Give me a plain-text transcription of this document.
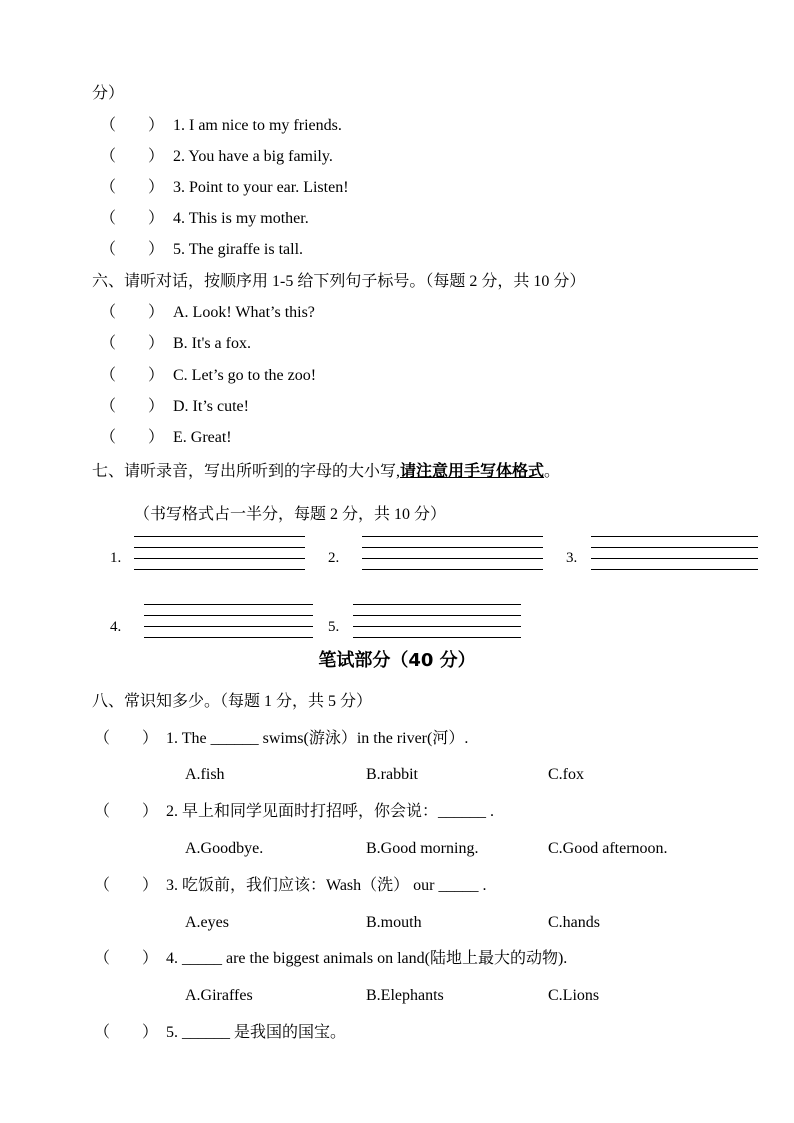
分）
（　　） 1. I am nice to my friends.
（　　） 2. You have a big family.
（　　） 3. Point to your ear. Listen!
（　　） 4. This is my mother.
（　　） 5. The giraffe is tall.
六、请听对话，按顺序用 1-5 给下列句子标号。（每题 2 分，共 10 分）
（　　） A. Look! What’s this?
（　　） B. It's a fox.
（　　） C. Let’s go to the zoo!
（　　） D. It’s cute!
（　　） E. Great!
七、请听录音，写出所听到的字母的大小写,请注意用手写体格式。
（书写格式占一半分，每题 2 分，共 10 分）
1.	2.	3.
4.	5.
笔试部分（40 分）
八、常识知多少。（每题 1 分，共 5 分）
（　　） 1. The ______ swims(游泳）in the river(河）.
A.fish	B.rabbit	C.fox
（　　） 2. 早上和同学见面时打招呼，你会说：______ .
A.Goodbye.	B.Good morning.	C.Good afternoon.
（　　） 3. 吃饭前，我们应该：Wash（洗） our _____ .
A.eyes	B.mouth	C.hands
（　　） 4. _____ are the biggest animals on land(陆地上最大的动物).
A.Giraffes	B.Elephants	C.Lions
（　　） 5. ______ 是我国的国宝。
